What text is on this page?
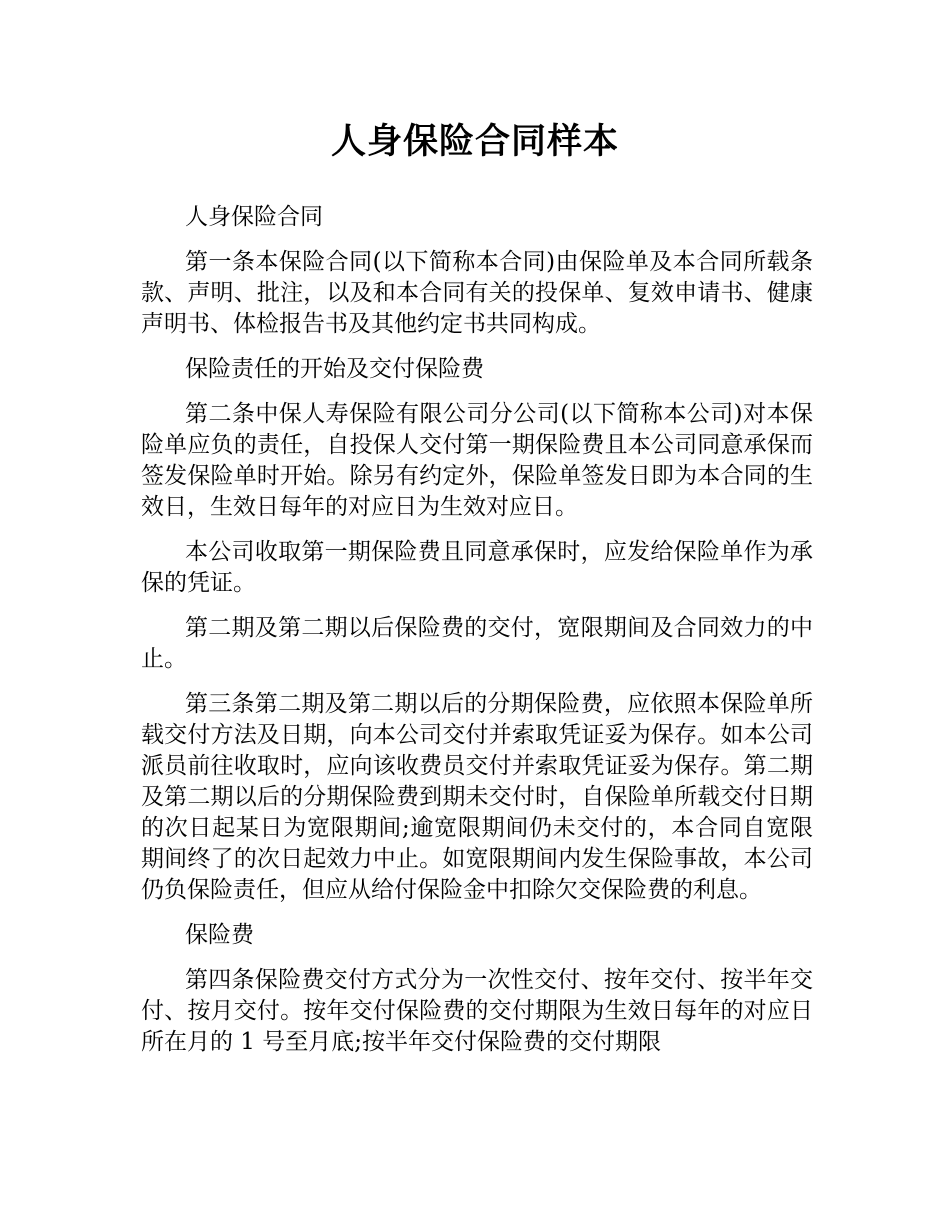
人身保险合同样本

人身保险合同

第一条本保险合同(以下简称本合同)由保险单及本合同所载条款、声明、批注，以及和本合同有关的投保单、复效申请书、健康声明书、体检报告书及其他约定书共同构成。

保险责任的开始及交付保险费

第二条中保人寿保险有限公司分公司(以下简称本公司)对本保险单应负的责任，自投保人交付第一期保险费且本公司同意承保而签发保险单时开始。除另有约定外，保险单签发日即为本合同的生效日，生效日每年的对应日为生效对应日。

本公司收取第一期保险费且同意承保时，应发给保险单作为承保的凭证。

第二期及第二期以后保险费的交付，宽限期间及合同效力的中止。

第三条第二期及第二期以后的分期保险费，应依照本保险单所载交付方法及日期，向本公司交付并索取凭证妥为保存。如本公司派员前往收取时，应向该收费员交付并索取凭证妥为保存。第二期及第二期以后的分期保险费到期未交付时，自保险单所载交付日期的次日起某日为宽限期间;逾宽限期间仍未交付的，本合同自宽限期间终了的次日起效力中止。如宽限期间内发生保险事故，本公司仍负保险责任，但应从给付保险金中扣除欠交保险费的利息。

保险费

第四条保险费交付方式分为一次性交付、按年交付、按半年交付、按月交付。按年交付保险费的交付期限为生效日每年的对应日所在月的 1 号至月底;按半年交付保险费的交付期限
